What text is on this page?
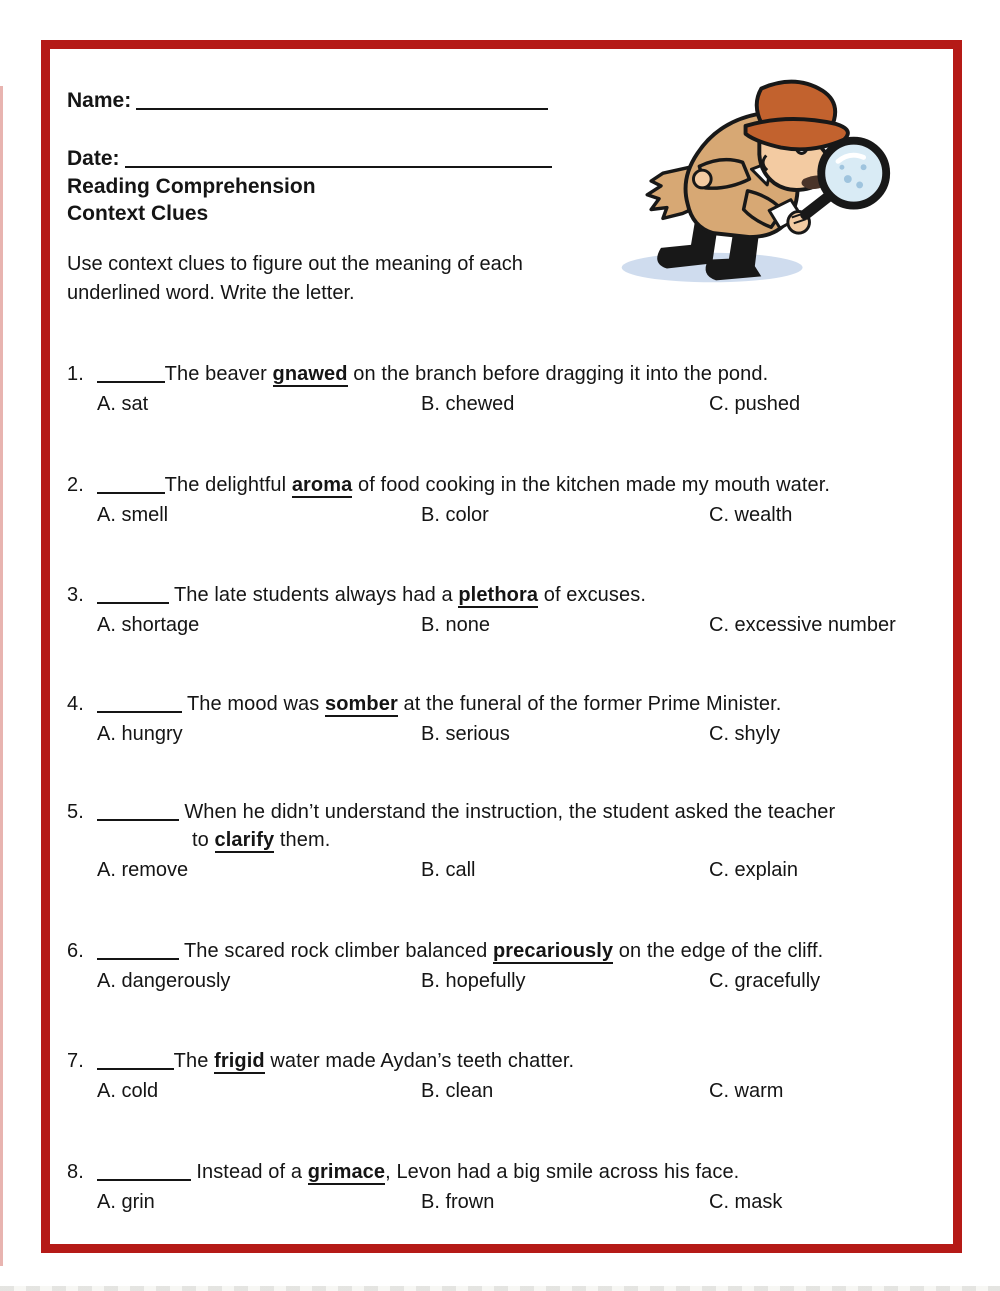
Name:
Date:
Reading Comprehension
Context Clues
Use context clues to figure out the meaning of each
underlined word. Write the letter.
1.	The beaver gnawed on the branch before dragging it into the pond.
A. sat	B. chewed	C. pushed
2.	The delightful aroma of food cooking in the kitchen made my mouth water.
A. smell	B. color	C. wealth
3.	The late students always had a plethora of excuses.
A. shortage	B. none	C. excessive number
4.	The mood was somber at the funeral of the former Prime Minister.
A. hungry	B. serious	C. shyly
5.	When he didn’t understand the instruction, the student asked the teacher
to clarify them.
A. remove	B. call	C. explain
6.	The scared rock climber balanced precariously on the edge of the cliff.
A. dangerously	B. hopefully	C. gracefully
7.	The frigid water made Aydan’s teeth chatter.
A. cold	B. clean	C. warm
8.	Instead of a grimace, Levon had a big smile across his face.
A. grin	B. frown	C. mask
